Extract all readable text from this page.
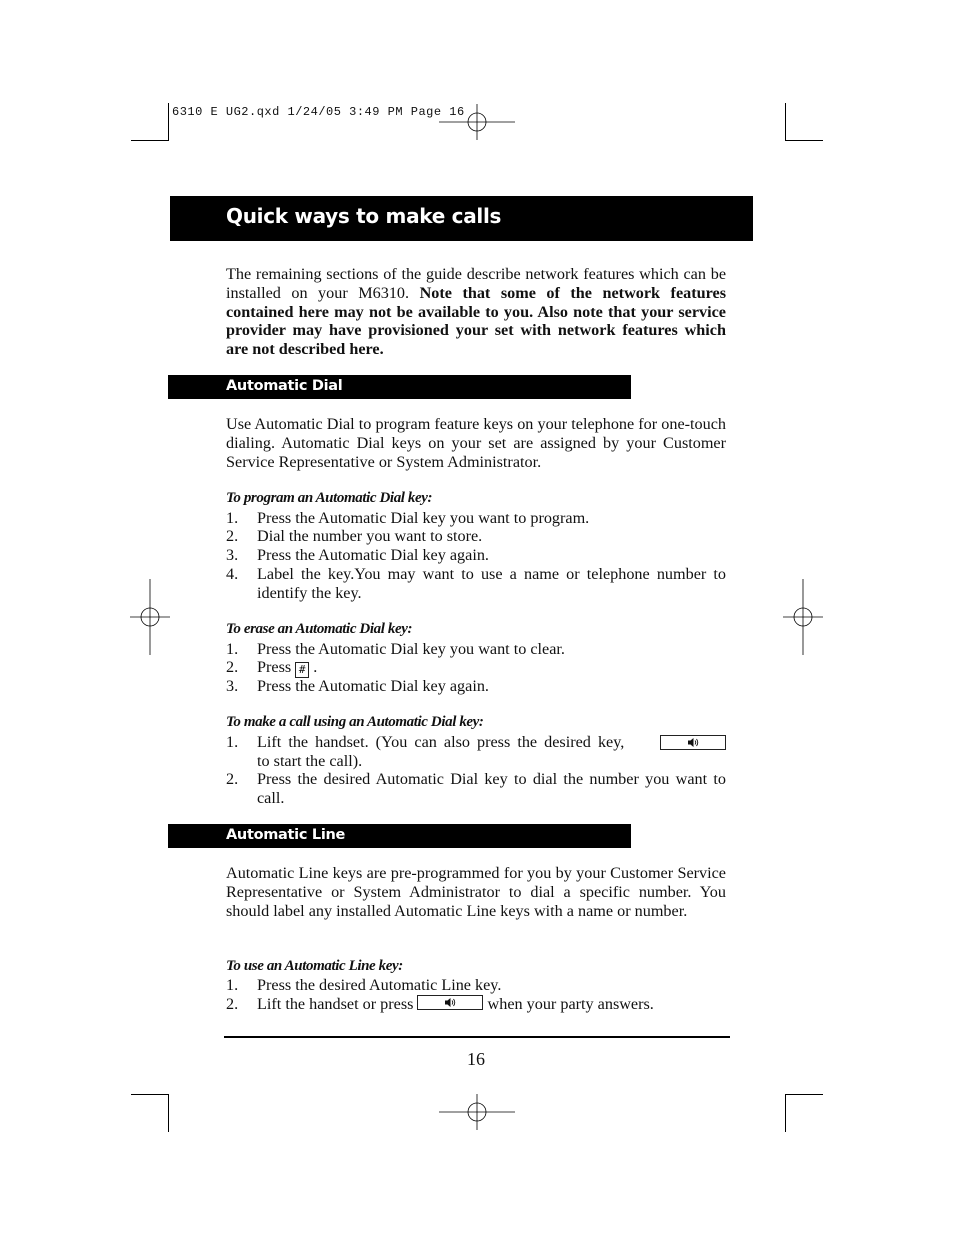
6310 E UG2.qxd 1/24/05 3:49 PM Page 16
Quick ways to make calls
The remaining sections of the guide describe network features which can be installed on your M6310. Note that some of the network features contained here may not be available to you. Also note that your service provider may have provisioned your set with network features which are not described here.
Automatic Dial
Use Automatic Dial to program feature keys on your telephone for one-touch dialing. Automatic Dial keys on your set are assigned by your Customer Service Representative or System Administrator.
To program an Automatic Dial key:
1. Press the Automatic Dial key you want to program.
2. Dial the number you want to store.
3. Press the Automatic Dial key again.
4. Label the key.You may want to use a name or telephone number to identify the key.
To erase an Automatic Dial key:
1. Press the Automatic Dial key you want to clear.
2. Press # .
3. Press the Automatic Dial key again.
To make a call using an Automatic Dial key:
1. Lift the handset. (You can also press the desired key,

to start the call).
2. Press the desired Automatic Dial key to dial the number you want to call.
Automatic Line
Automatic Line keys are pre-programmed for you by your Customer Service Representative or System Administrator to dial a specific number. You should label any installed Automatic Line keys with a name or number.
To use an Automatic Line key:
1. Press the desired Automatic Line key.
2. Lift the handset or press	when your party answers.
16
